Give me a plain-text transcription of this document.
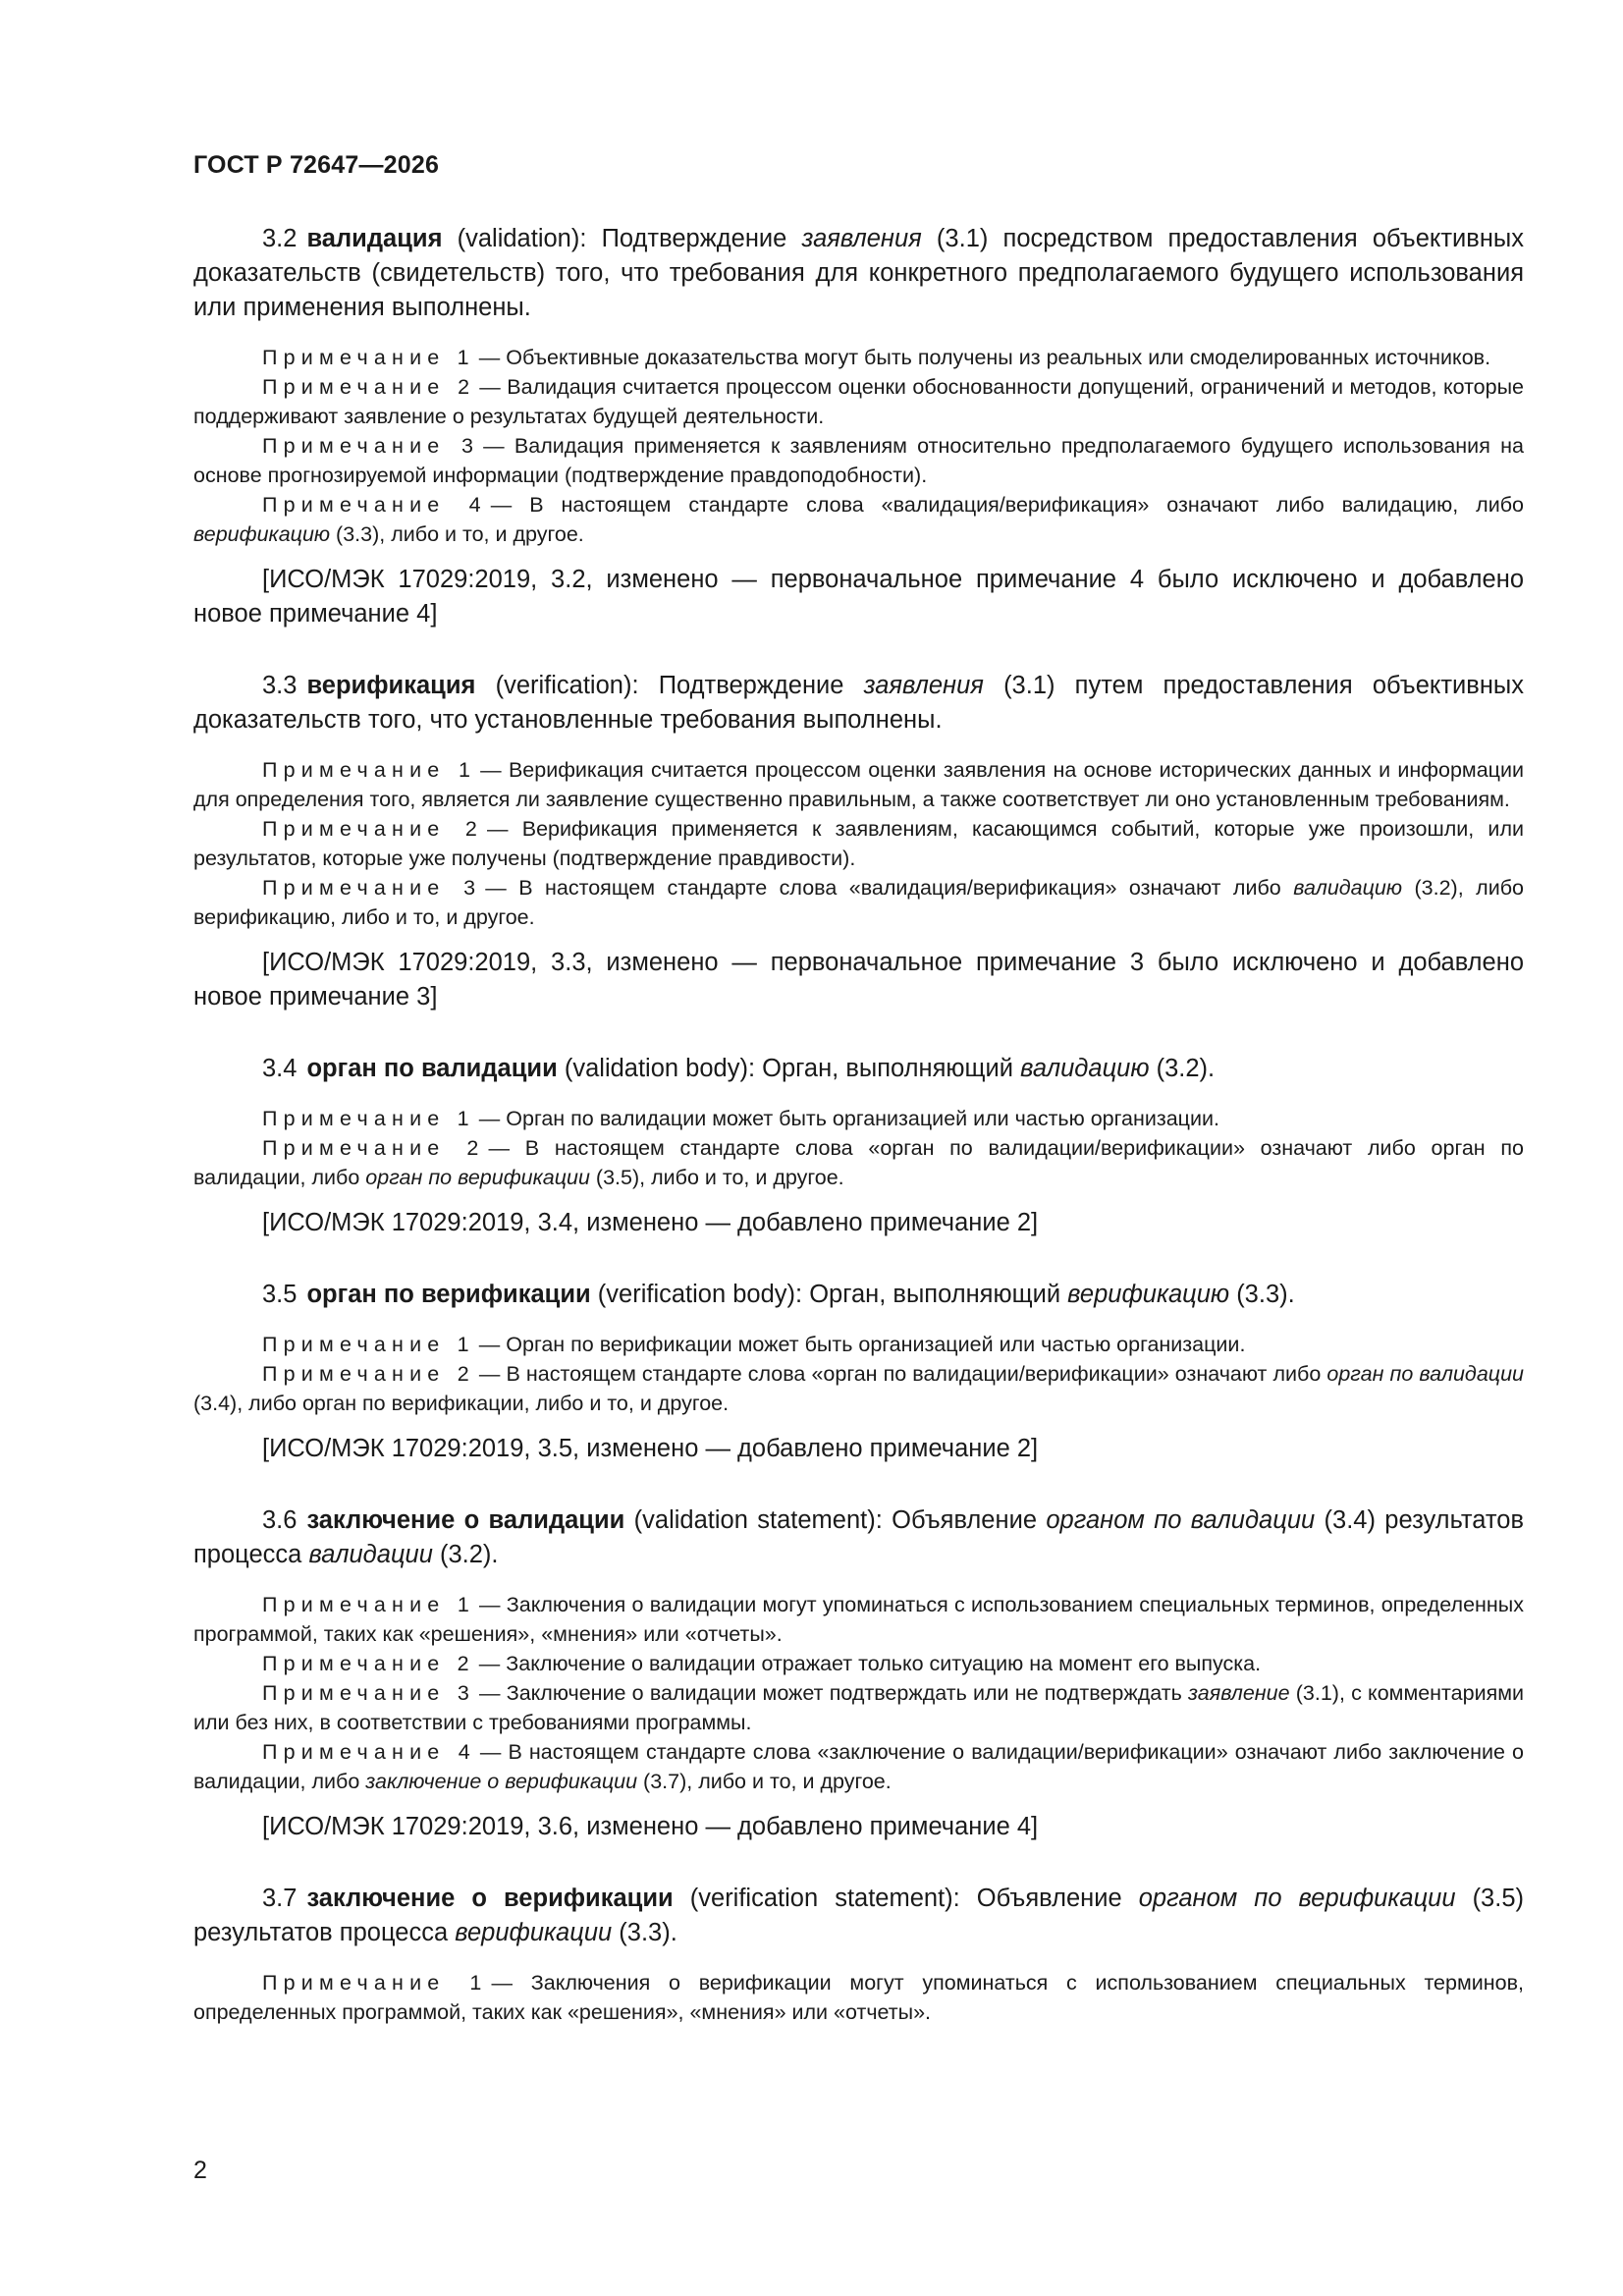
ГОСТ Р 72647—2026

3.2 валидация (validation): Подтверждение заявления (3.1) посредством предоставления объективных доказательств (свидетельств) того, что требования для конкретного предполагаемого будущего использования или применения выполнены.

Примечание 1 — Объективные доказательства могут быть получены из реальных или смоделированных источников.

Примечание 2 — Валидация считается процессом оценки обоснованности допущений, ограничений и методов, которые поддерживают заявление о результатах будущей деятельности.

Примечание 3 — Валидация применяется к заявлениям относительно предполагаемого будущего использования на основе прогнозируемой информации (подтверждение правдоподобности).

Примечание 4 — В настоящем стандарте слова «валидация/верификация» означают либо валидацию, либо верификацию (3.3), либо и то, и другое.

[ИСО/МЭК 17029:2019, 3.2, изменено — первоначальное примечание 4 было исключено и добавлено новое примечание 4]

3.3 верификация (verification): Подтверждение заявления (3.1) путем предоставления объективных доказательств того, что установленные требования выполнены.

Примечание 1 — Верификация считается процессом оценки заявления на основе исторических данных и информации для определения того, является ли заявление существенно правильным, а также соответствует ли оно установленным требованиям.

Примечание 2 — Верификация применяется к заявлениям, касающимся событий, которые уже произошли, или результатов, которые уже получены (подтверждение правдивости).

Примечание 3 — В настоящем стандарте слова «валидация/верификация» означают либо валидацию (3.2), либо верификацию, либо и то, и другое.

[ИСО/МЭК 17029:2019, 3.3, изменено — первоначальное примечание 3 было исключено и добавлено новое примечание 3]

3.4 орган по валидации (validation body): Орган, выполняющий валидацию (3.2).

Примечание 1 — Орган по валидации может быть организацией или частью организации.

Примечание 2 — В настоящем стандарте слова «орган по валидации/верификации» означают либо орган по валидации, либо орган по верификации (3.5), либо и то, и другое.

[ИСО/МЭК 17029:2019, 3.4, изменено — добавлено примечание 2]

3.5 орган по верификации (verification body): Орган, выполняющий верификацию (3.3).

Примечание 1 — Орган по верификации может быть организацией или частью организации.

Примечание 2 — В настоящем стандарте слова «орган по валидации/верификации» означают либо орган по валидации (3.4), либо орган по верификации, либо и то, и другое.

[ИСО/МЭК 17029:2019, 3.5, изменено — добавлено примечание 2]

3.6 заключение о валидации (validation statement): Объявление органом по валидации (3.4) результатов процесса валидации (3.2).

Примечание 1 — Заключения о валидации могут упоминаться с использованием специальных терминов, определенных программой, таких как «решения», «мнения» или «отчеты».

Примечание 2 — Заключение о валидации отражает только ситуацию на момент его выпуска.

Примечание 3 — Заключение о валидации может подтверждать или не подтверждать заявление (3.1), с комментариями или без них, в соответствии с требованиями программы.

Примечание 4 — В настоящем стандарте слова «заключение о валидации/верификации» означают либо заключение о валидации, либо заключение о верификации (3.7), либо и то, и другое.

[ИСО/МЭК 17029:2019, 3.6, изменено — добавлено примечание 4]

3.7 заключение о верификации (verification statement): Объявление органом по верификации (3.5) результатов процесса верификации (3.3).

Примечание 1 — Заключения о верификации могут упоминаться с использованием специальных терминов, определенных программой, таких как «решения», «мнения» или «отчеты».

2
